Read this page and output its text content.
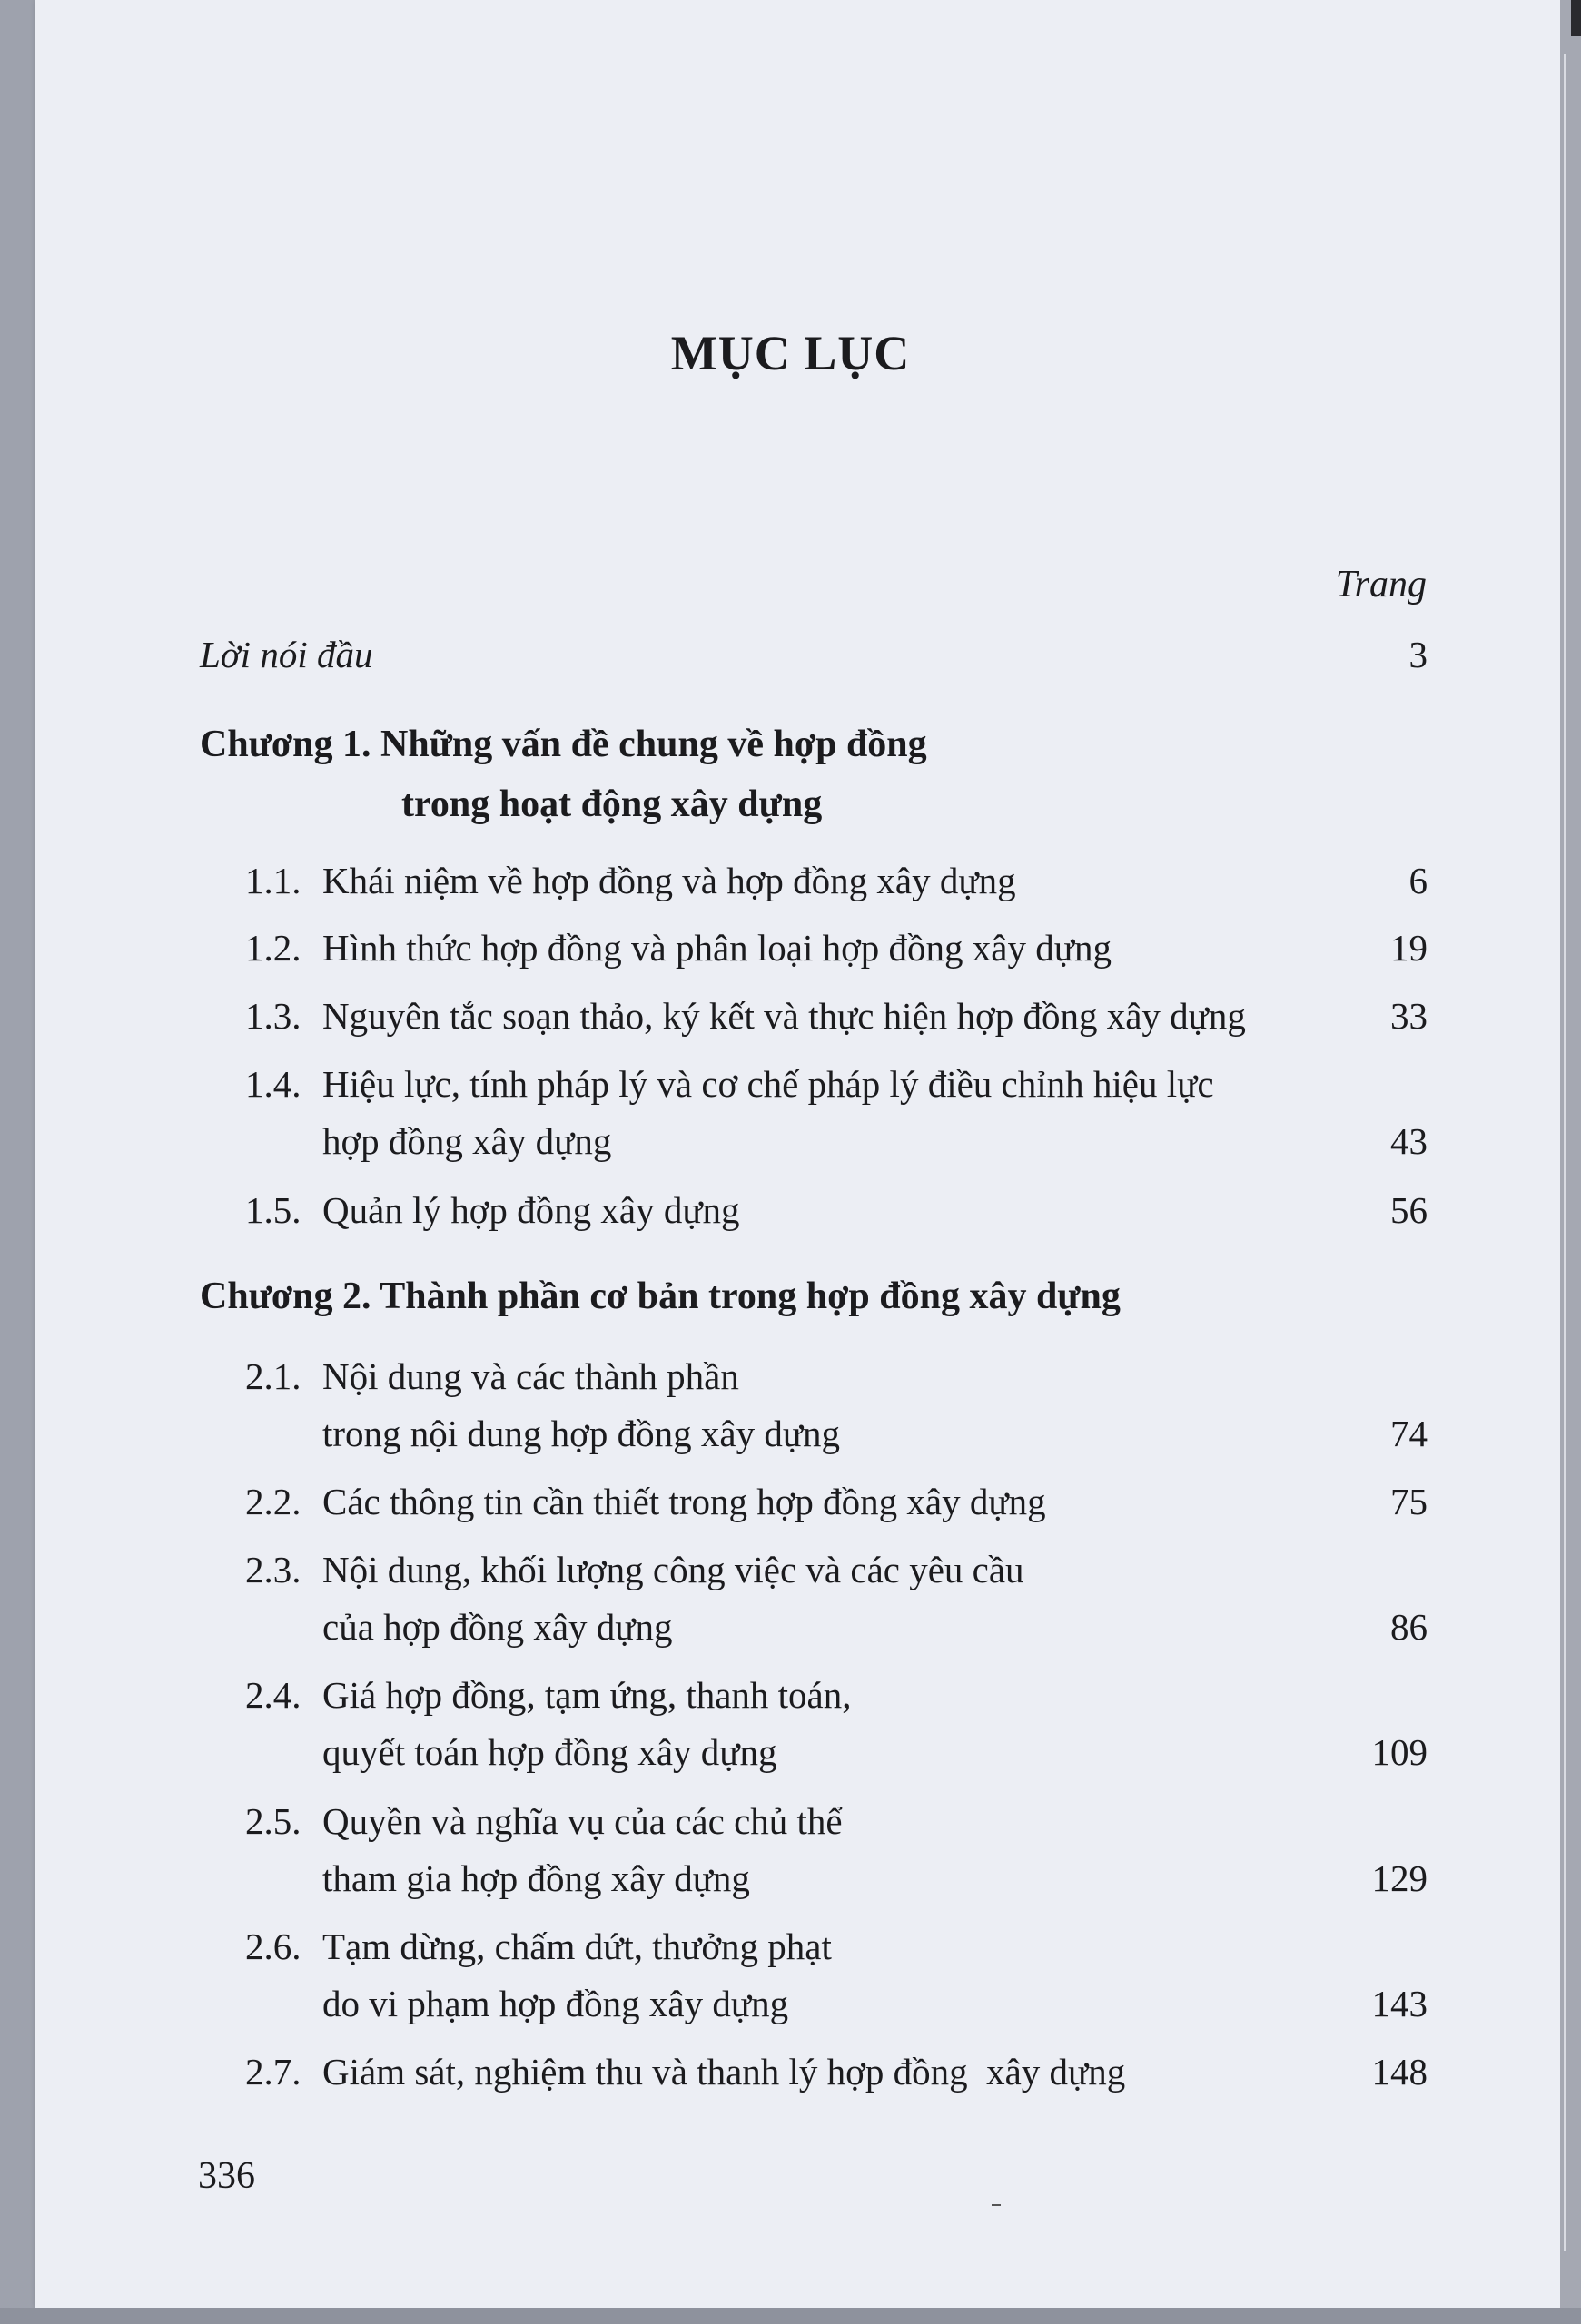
MỤC LỤC
Trang
Lời nói đầu	3
Chương 1. Những vấn đề chung về hợp đồng
trong hoạt động xây dựng
1.1. Khái niệm về hợp đồng và hợp đồng xây dựng	6
1.2. Hình thức hợp đồng và phân loại hợp đồng xây dựng	19
1.3. Nguyên tắc soạn thảo, ký kết và thực hiện hợp đồng xây dựng	33
1.4. Hiệu lực, tính pháp lý và cơ chế pháp lý điều chỉnh hiệu lực
hợp đồng xây dựng	43
1.5. Quản lý hợp đồng xây dựng	56
Chương 2. Thành phần cơ bản trong hợp đồng xây dựng
2.1. Nội dung và các thành phần
trong nội dung hợp đồng xây dựng	74
2.2. Các thông tin cần thiết trong hợp đồng xây dựng	75
2.3. Nội dung, khối lượng công việc và các yêu cầu
của hợp đồng xây dựng	86
2.4. Giá hợp đồng, tạm ứng, thanh toán,
quyết toán hợp đồng xây dựng	109
2.5. Quyền và nghĩa vụ của các chủ thể
tham gia hợp đồng xây dựng	129
2.6. Tạm dừng, chấm dứt, thưởng phạt
do vi phạm hợp đồng xây dựng	143
2.7. Giám sát, nghiệm thu và thanh lý hợp đồng  xây dựng	148
336
